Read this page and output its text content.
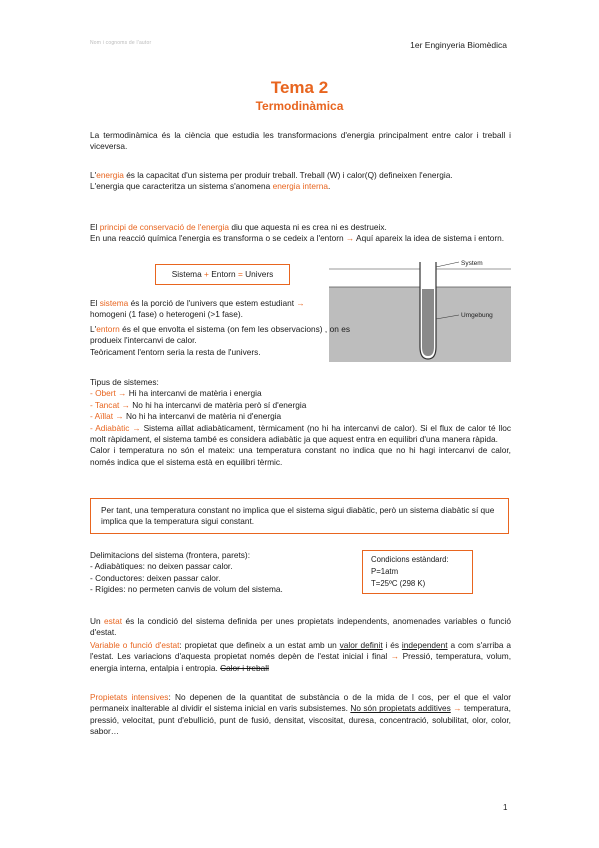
Nom i cognoms de l'autor	1er Enginyeria Biomèdica
Tema 2
Termodinàmica

La termodinàmica és la ciència que estudia les transformacions d'energia principalment entre calor i treball i viceversa.

L'energia és la capacitat d'un sistema per produir treball. Treball (W) i calor(Q) defineixen l'energia.
L'energia que caracteritza un sistema s'anomena energia interna.

El principi de conservació de l'energia diu que aquesta ni es crea ni es destrueix.
En una reacció química l'energia es transforma o se cedeix a l'entorn → Aquí apareix la idea de sistema i entorn.

Sistema + Entorn = Univers
System
Umgebung

El sistema és la porció de l'univers que estem estudiant →
homogeni (1 fase) o heterogeni (>1 fase).

L'entorn és el que envolta el sistema (on fem les observacions) , on es produeix l'intercanvi de calor.
Teòricament l'entorn seria la resta de l'univers.

Tipus de sistemes:
- Obert → Hi ha intercanvi de matèria i energia
- Tancat → No hi ha intercanvi de matèria però sí d'energia
- Aïllat → No hi ha intercanvi de matèria ni d'energia
- Adiabàtic → Sistema aïllat adiabàticament, tèrmicament (no hi ha intercanvi de calor). Si el flux de calor té lloc molt ràpidament, el sistema també es considera adiabàtic ja que aquest entra en equilibri d'una manera ràpida.
Calor i temperatura no són el mateix: una temperatura constant no indica que no hi hagi intercanvi de calor, només indica que el sistema està en equilibri tèrmic.
Per tant, una temperatura constant no implica que el sistema sigui diabàtic, però un sistema diabàtic sí que implica que la temperatura sigui constant.
Delimitacions del sistema (frontera, parets):
- Adiabàtiques: no deixen passar calor.
- Conductores: deixen passar calor.
- Rígides: no permeten canvis de volum del sistema.
Condicions estàndard:
P=1atm
T=25ºC (298 K)

Un estat és la condició del sistema definida per unes propietats independents, anomenades variables o funció d'estat.

Variable o funció d'estat: propietat que defineix a un estat amb un valor definit i és independent a com s'arriba a l'estat. Les variacions d'aquesta propietat només depèn de l'estat inicial i final → Pressió, temperatura, volum, energia interna, entalpia i entropia. Calor i treball

Propietats intensives: No depenen de la quantitat de substància o de la mida de l cos, per el que el valor permaneix inalterable al dividir el sistema inicial en varis subsistemes. No són propietats additives → temperatura, pressió, velocitat, punt d'ebullició, punt de fusió, densitat, viscositat, duresa, concentració, solubilitat, olor, color, sabor…

1
